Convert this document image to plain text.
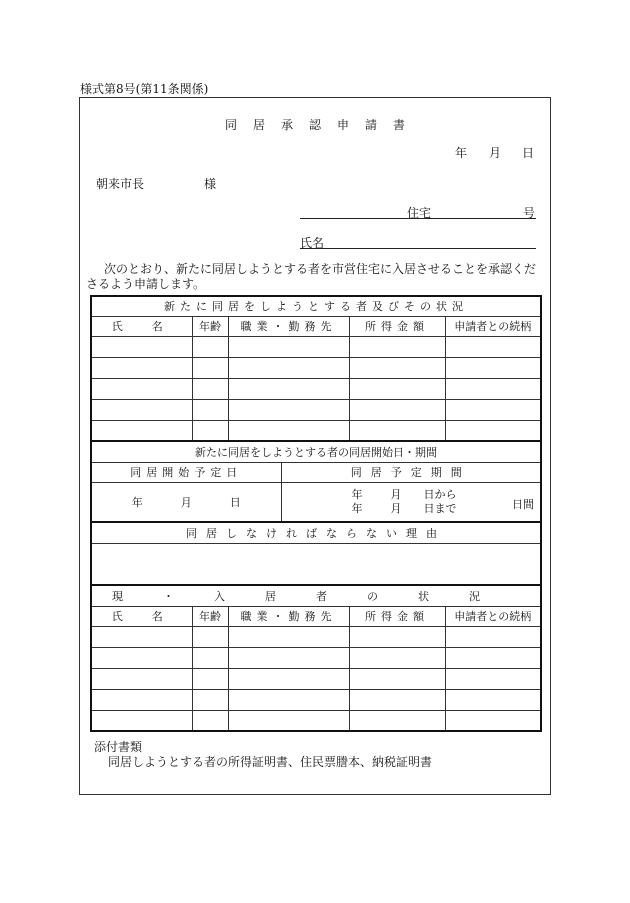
様式第8号(第11条関係)
同 居 承 認 申 請 書
年 月 日
朝来市長	様
住宅	号
氏名
次のとおり、新たに同居しようとする者を市営住宅に入居させることを承認くださるよう申請します。
新たに同居をしようとする者及びその状況					
氏　名	年齢	職業・勤務先		所得金額	申請者との続柄

新たに同居をしようとする者の同居開始日・期間					
同居開始予定日			同居予定期間		
年 月 日			年 月 日から
年 月 日まで 日間		

同居しなければならない理由					

現・入居者の状況					
氏　名	年齢	職業・勤務先		所得金額	申請者との続柄

添付書類
同居しようとする者の所得証明書、住民票謄本、納税証明書
